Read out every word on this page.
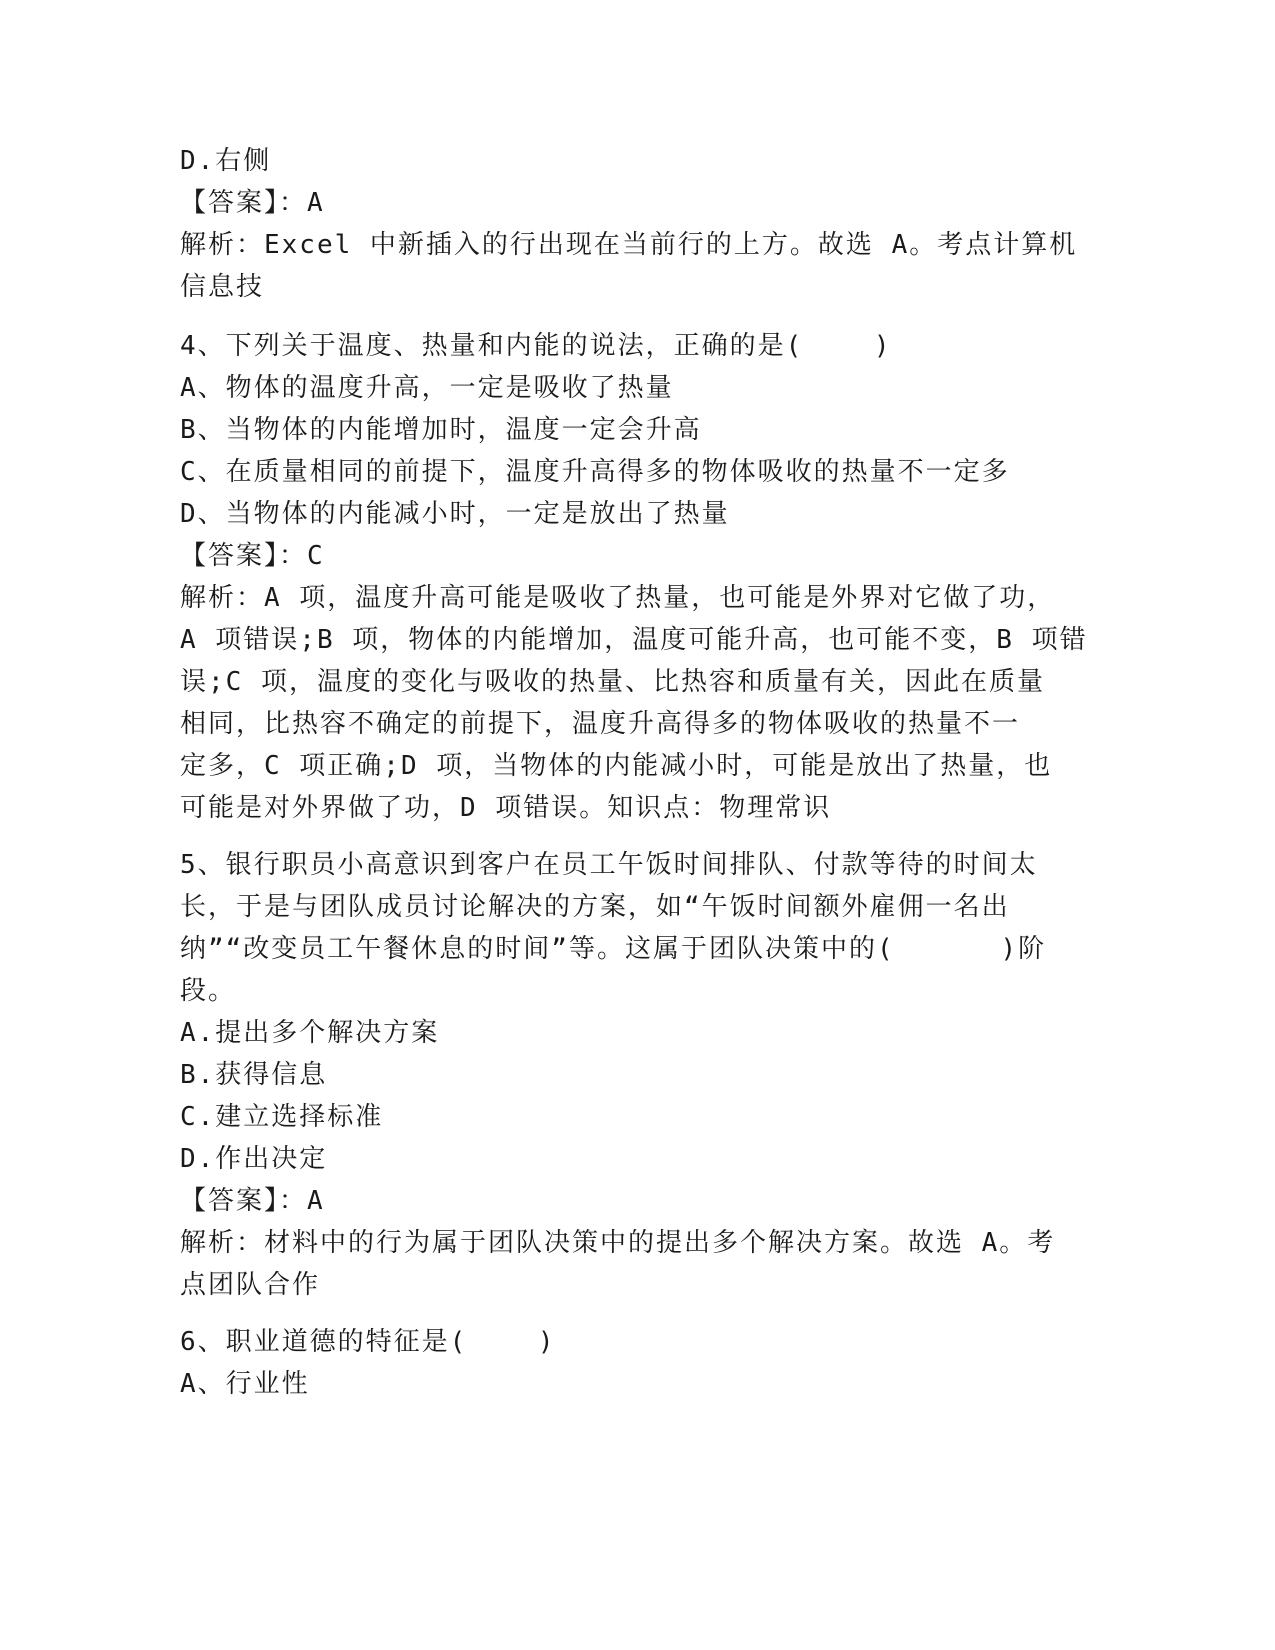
D.右侧
【答案】：A
解析：Excel 中新插入的行出现在当前行的上方。故选 A。考点计算机
信息技
4、下列关于温度、热量和内能的说法，正确的是(    )
A、物体的温度升高，一定是吸收了热量
B、当物体的内能增加时，温度一定会升高
C、在质量相同的前提下，温度升高得多的物体吸收的热量不一定多
D、当物体的内能减小时，一定是放出了热量
【答案】：C
解析：A 项，温度升高可能是吸收了热量，也可能是外界对它做了功，
A 项错误;B 项，物体的内能增加，温度可能升高，也可能不变，B 项错
误;C 项，温度的变化与吸收的热量、比热容和质量有关，因此在质量
相同，比热容不确定的前提下，温度升高得多的物体吸收的热量不一
定多，C 项正确;D 项，当物体的内能减小时，可能是放出了热量，也
可能是对外界做了功，D 项错误。知识点：物理常识
5、银行职员小高意识到客户在员工午饭时间排队、付款等待的时间太
长，于是与团队成员讨论解决的方案，如“午饭时间额外雇佣一名出
纳”“改变员工午餐休息的时间”等。这属于团队决策中的(      )阶
段。
A.提出多个解决方案
B.获得信息
C.建立选择标准
D.作出决定
【答案】：A
解析：材料中的行为属于团队决策中的提出多个解决方案。故选 A。考
点团队合作
6、职业道德的特征是(    )
A、行业性
